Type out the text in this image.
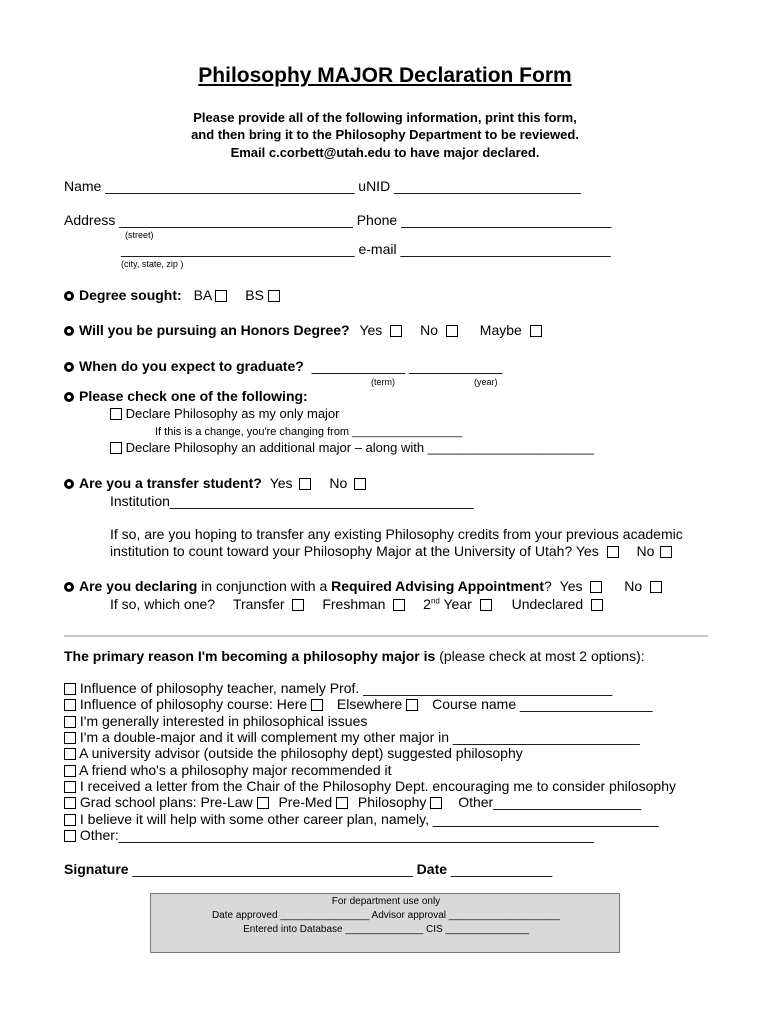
Philosophy MAJOR Declaration Form
Please provide all of the following information, print this form,
and then bring it to the Philosophy Department to be reviewed.
Email c.corbett@utah.edu to have major declared.
Name ________________________________ uNID ________________________
Address ______________________________ Phone ___________________________
(street)
______________________________ e-mail ___________________________
(city, state, zip )
Degree sought: BA BS
Will you be pursuing an Honors Degree? Yes	No	Maybe
When do you expect to graduate? ____________ ____________
(term)	(year)
Please check one of the following:
Declare Philosophy as my only major
If this is a change, you're changing from __________________
Declare Philosophy an additional major – along with _______________________
Are you a transfer student? Yes	No
Institution_______________________________________
If so, are you hoping to transfer any existing Philosophy credits from your previous academic
institution to count toward your Philosophy Major at the University of Utah? Yes	No
Are you declaring in conjunction with a Required Advising Appointment? Yes	No
If so, which one? Transfer	Freshman	2nd Year	Undeclared
The primary reason I'm becoming a philosophy major is (please check at most 2 options):
Influence of philosophy teacher, namely Prof. ________________________________
Influence of philosophy course: Here Elsewhere Course name _________________
I'm generally interested in philosophical issues
I'm a double-major and it will complement my other major in ________________________
A university advisor (outside the philosophy dept) suggested philosophy
A friend who's a philosophy major recommended it
I received a letter from the Chair of the Philosophy Dept. encouraging me to consider philosophy
Grad school plans: Pre-Law Pre-Med Philosophy Other___________________
I believe it will help with some other career plan, namely, _____________________________
Other:_____________________________________________________________
Signature ____________________________________ Date _____________
For department use only
Date approved ________________ Advisor approval ____________________
Entered into Database ______________ CIS _______________
